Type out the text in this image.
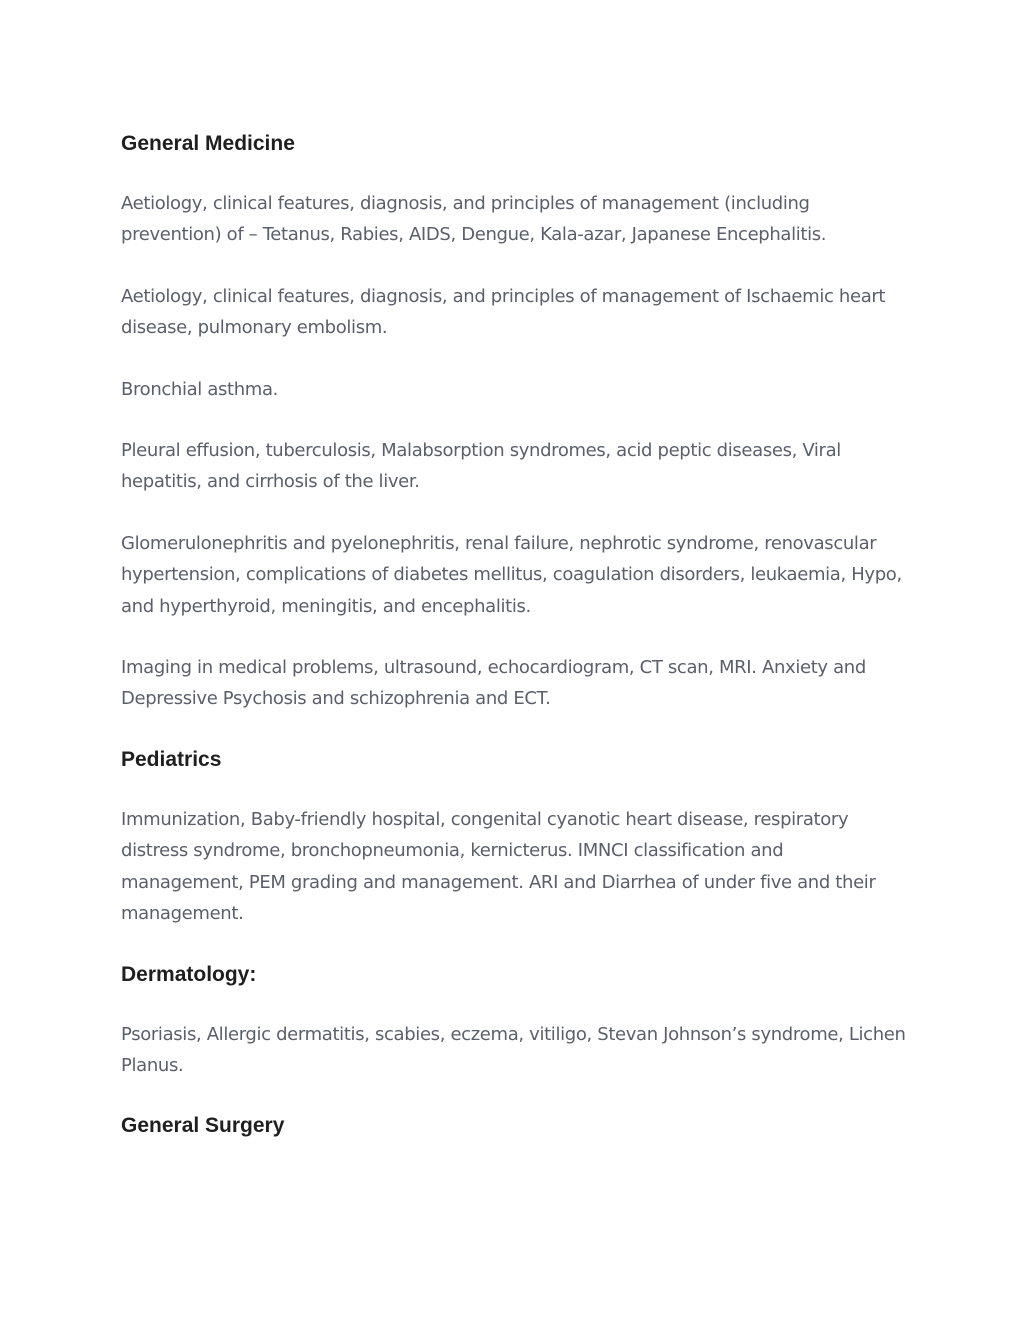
General Medicine

Aetiology, clinical features, diagnosis, and principles of management (including prevention) of – Tetanus, Rabies, AIDS, Dengue, Kala-azar, Japanese Encephalitis.

Aetiology, clinical features, diagnosis, and principles of management of Ischaemic heart disease, pulmonary embolism.

Bronchial asthma.

Pleural effusion, tuberculosis, Malabsorption syndromes, acid peptic diseases, Viral hepatitis, and cirrhosis of the liver.

Glomerulonephritis and pyelonephritis, renal failure, nephrotic syndrome, renovascular hypertension, complications of diabetes mellitus, coagulation disorders, leukaemia, Hypo, and hyperthyroid, meningitis, and encephalitis.

Imaging in medical problems, ultrasound, echocardiogram, CT scan, MRI. Anxiety and Depressive Psychosis and schizophrenia and ECT.

Pediatrics

Immunization, Baby-friendly hospital, congenital cyanotic heart disease, respiratory distress syndrome, bronchopneumonia, kernicterus. IMNCI classification and management, PEM grading and management. ARI and Diarrhea of under five and their management.

Dermatology:

Psoriasis, Allergic dermatitis, scabies, eczema, vitiligo, Stevan Johnson’s syndrome, Lichen Planus.

General Surgery
